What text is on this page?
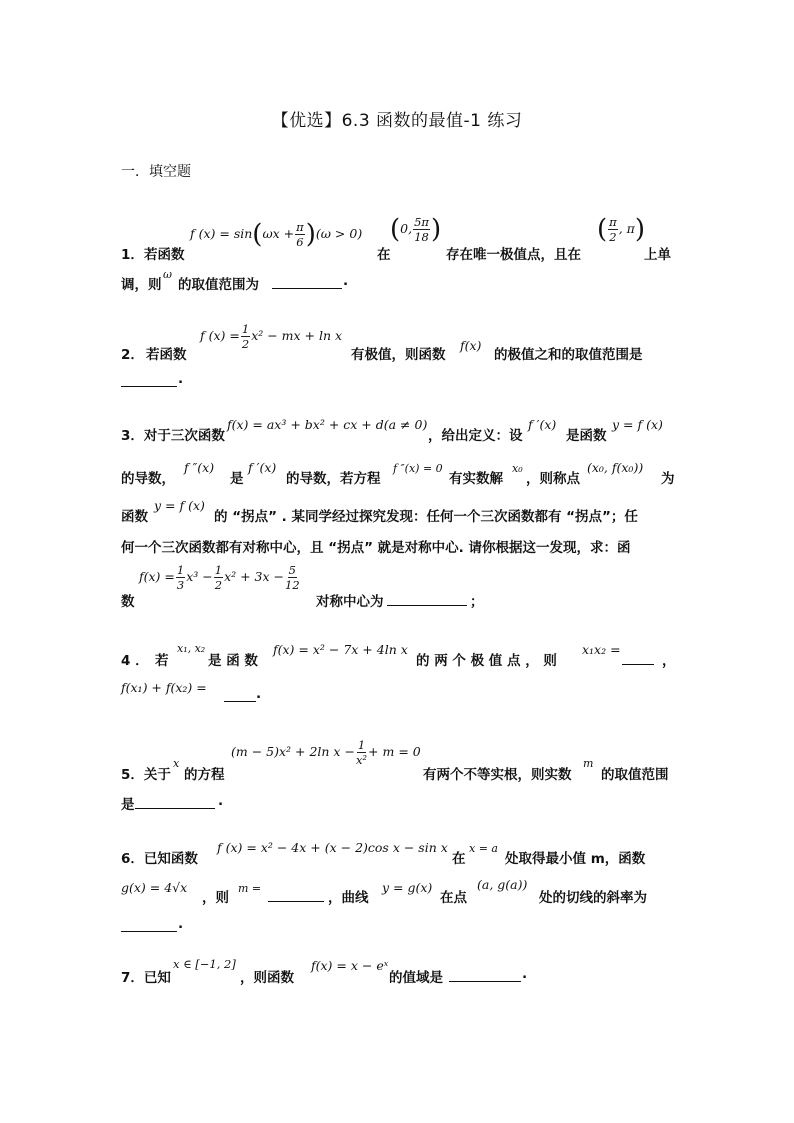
【优选】6.3 函数的最值-1 练习
一．填空题
1． 若函数
f $(x) = \sin(\omega x + \frac{\pi}{6} )(\omega > 0)$
在
(0, $\frac{5\pi}{18}$ )
存在唯一极值点，且在
( $\frac{\pi}{2}$ , π)
上单
调，则
ω
的取值范围为	.
2． 若函数
f $(x) = \frac{1}{2} x^2$ − mx + ln x
有极值，则函数
f(x)
的极值之和的取值范围是
.
3．对于三次函数
f(x) = ax³ + bx² + cx + d(a ≠ 0)
，给出定义：设
f ′(x)
是函数
y = f (x)
的导数，
f ″(x)
是
f ′(x)
的导数，若方程
f ″(x) = 0
有实数解
x₀
，则称点
(x₀, f(x₀))
为
函数
y = f (x)
的 “拐点” . 某同学经过探究发现：任何一个三次函数都有 “拐点”；任
何一个三次函数都有对称中心，且 “拐点” 就是对称中心. 请你根据这一发现，求：函
数
$f(x) = \frac{1}{3} x^3 - \frac{1}{2} x^2 + 3x - \frac{5}{12}$
对称中心为	；
4 ． 若
x₁, x₂
是 函 数
f(x) = x² − 7x + 4ln x
的 两 个 极 值 点 ， 则
x₁x₂ =
，
f(x₁) + f(x₂) =	.
5．关于
x
的方程
(m − 5)x² + 2ln $x - \frac{1}{\text{x²}} + m = 0$
有两个不等实根，则实数
m
的取值范围
是	.
6．已知函数
f (x) = x² − 4x + (x − 2)cos x − sin x
在
x = a
处取得最小值 m，函数
g(x) = 4√x
，则
m =
，曲线
y = g(x)
在点
(a, g(a))
处的切线的斜率为
.
7．已知
x ∈ [−1, 2]
，则函数
f(x) = x − eˣ
的值域是	.
